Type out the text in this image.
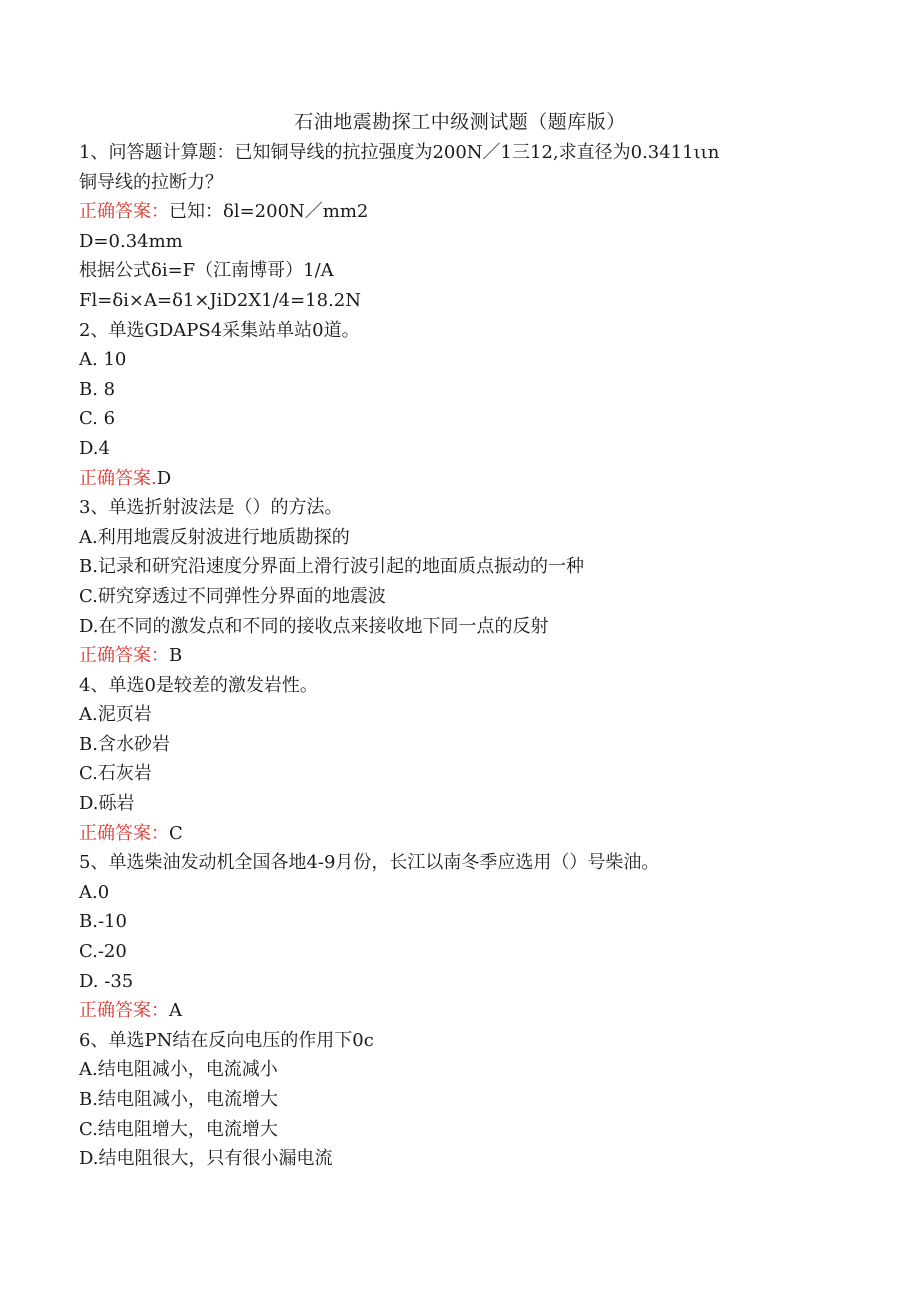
石油地震勘探工中级测试题（题库版）
1、问答题计算题：已知铜导线的抗拉强度为200N／1三12,求直径为0.3411ιιn
铜导线的拉断力？
正确答案：已知：δl=200N／mm2
D=0.34mm
根据公式δi=F（江南博哥）1/A
Fl=δi×A=δ1×JiD2X1/4=18.2N
2、单选GDAPS4采集站单站0道。
A. 10
B. 8
C. 6
D.4
正确答案.D
3、单选折射波法是（）的方法。
A.利用地震反射波进行地质勘探的
B.记录和研究沿速度分界面上滑行波引起的地面质点振动的一种
C.研究穿透过不同弹性分界面的地震波
D.在不同的激发点和不同的接收点来接收地下同一点的反射
正确答案：B
4、单选0是较差的激发岩性。
A.泥页岩
B.含水砂岩
C.石灰岩
D.砾岩
正确答案：C
5、单选柴油发动机全国各地4-9月份，长江以南冬季应选用（）号柴油。
A.0
B.-10
C.-20
D. -35
正确答案：A
6、单选PN结在反向电压的作用下0c
A.结电阻减小，电流减小
B.结电阻减小，电流增大
C.结电阻增大，电流增大
D.结电阻很大，只有很小漏电流
